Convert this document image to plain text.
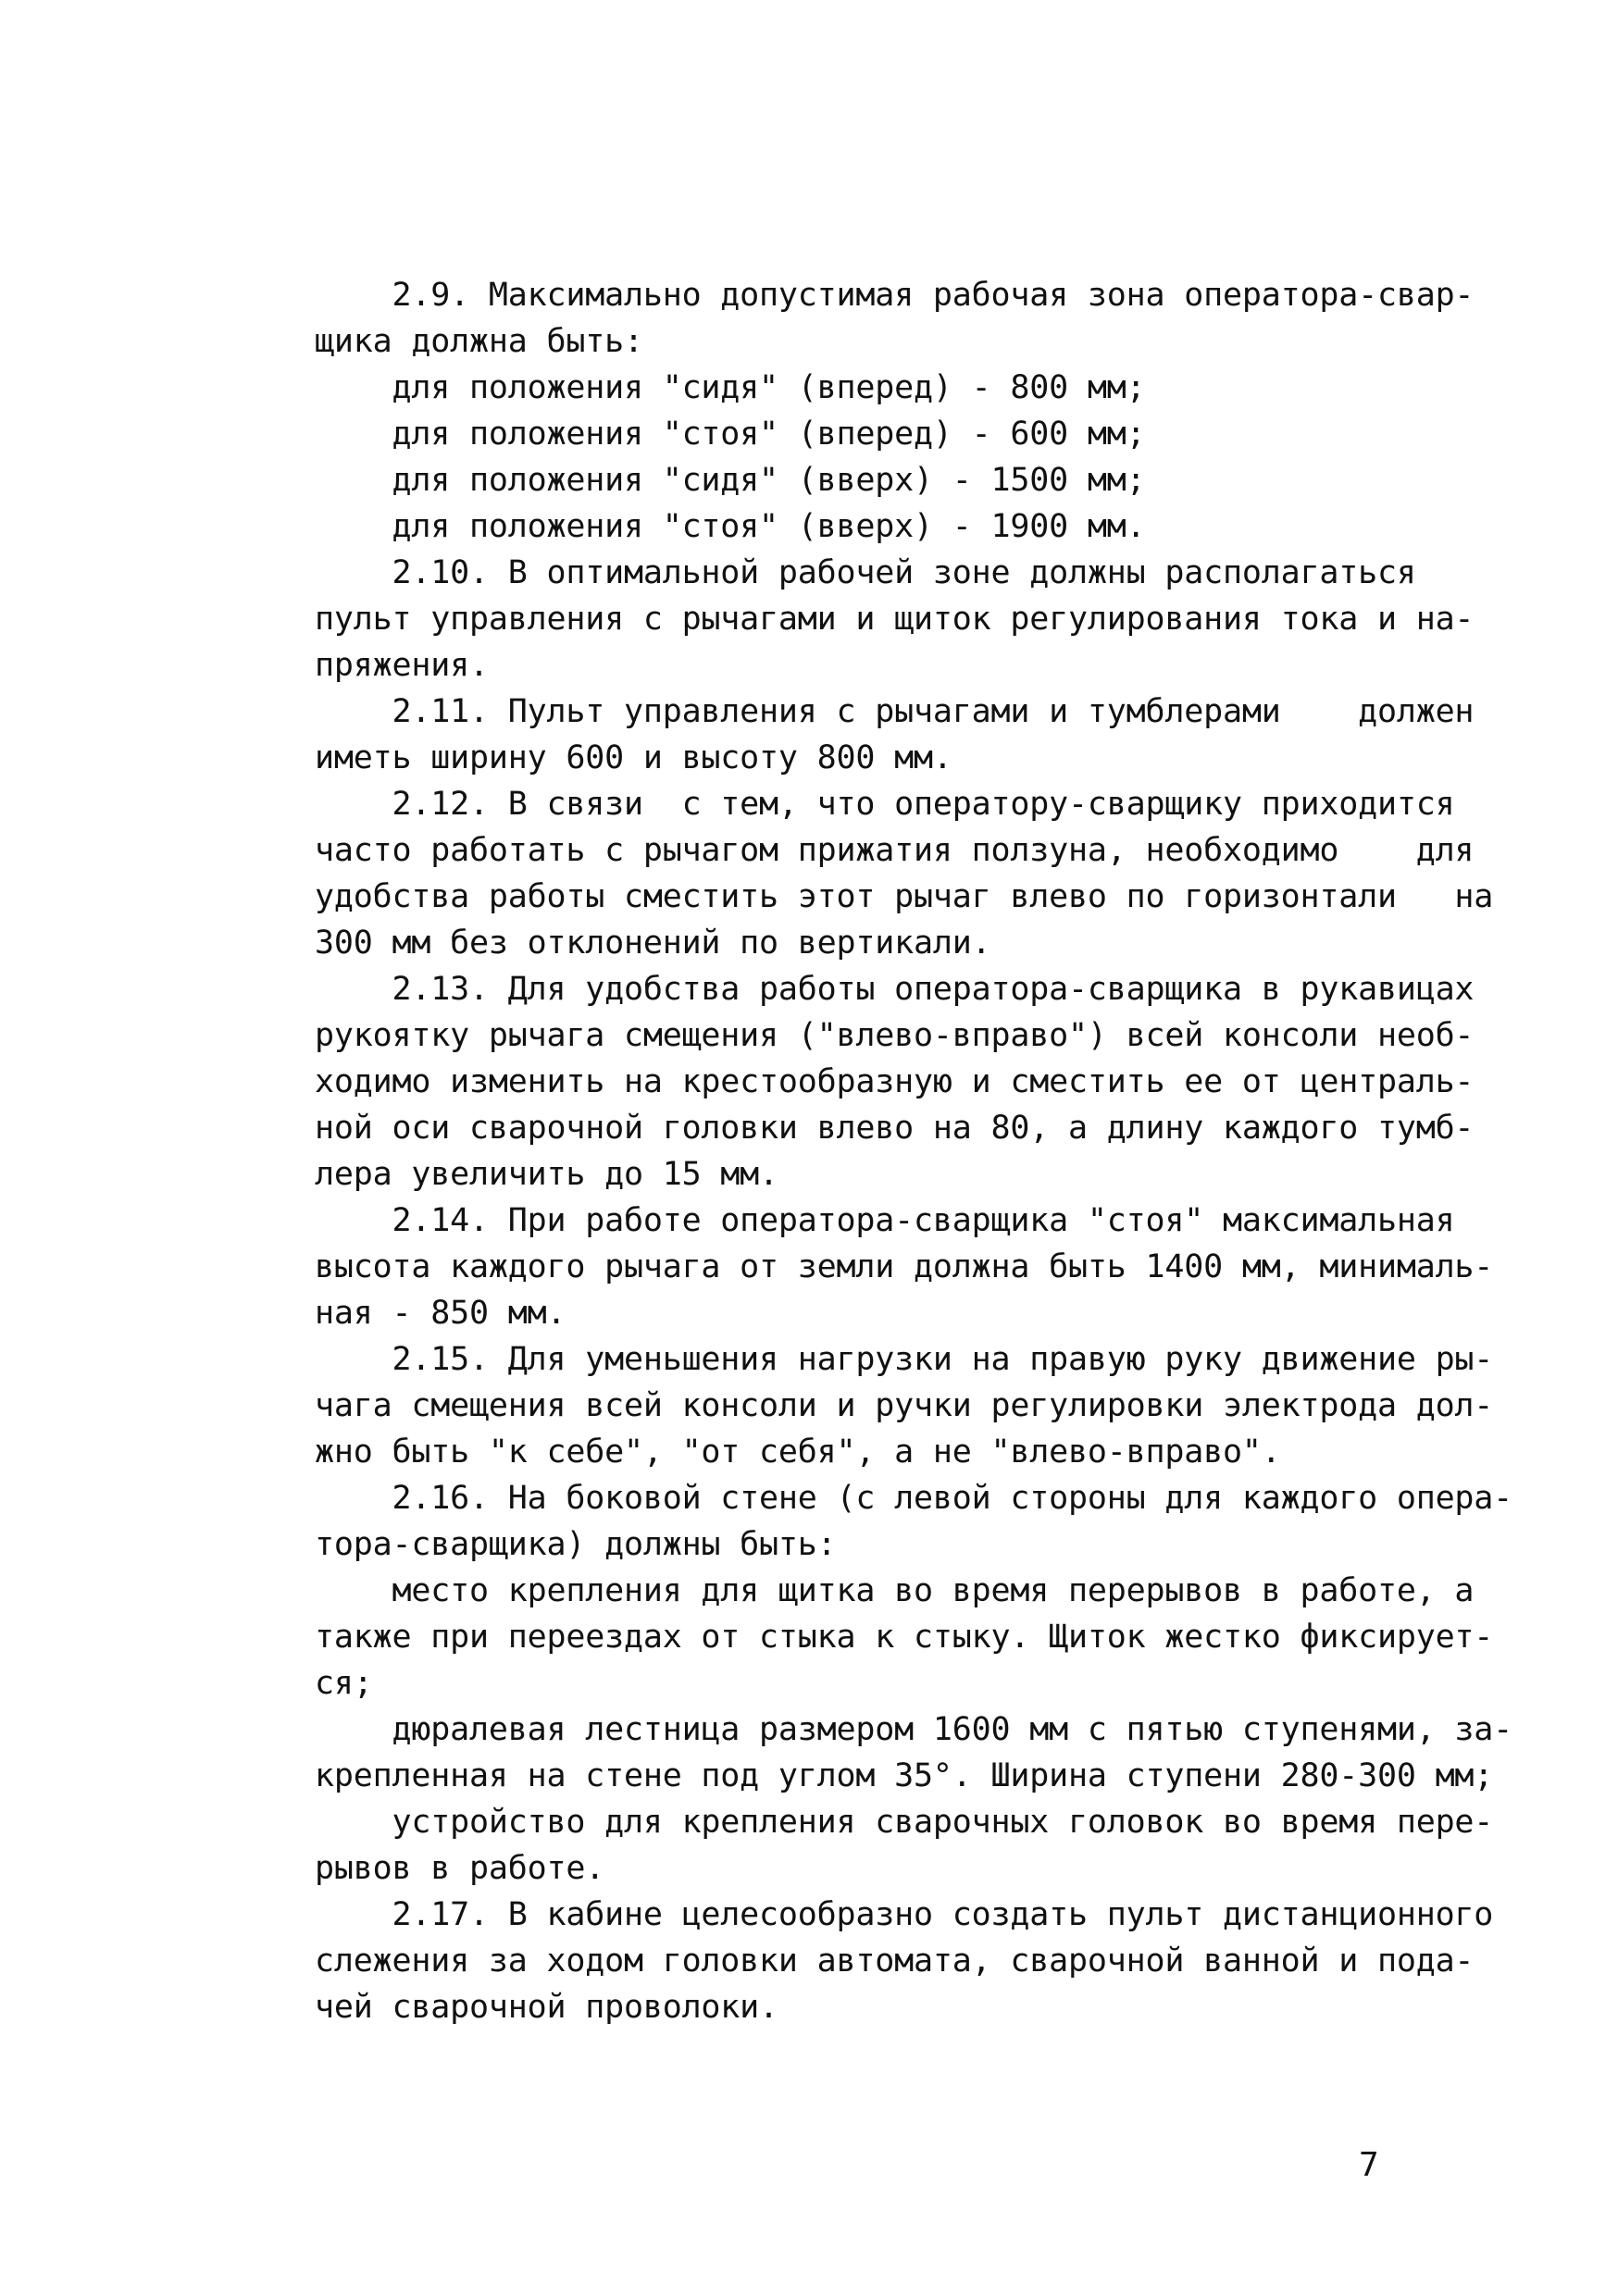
2.9. Максимально допустимая рабочая зона оператора-свар-
щика должна быть:
для положения "сидя" (вперед) - 800 мм;
для положения "стоя" (вперед) - 600 мм;
для положения "сидя" (вверх) - 1500 мм;
для положения "стоя" (вверх) - 1900 мм.
2.10. В оптимальной рабочей зоне должны располагаться
пульт управления с рычагами и щиток регулирования тока и на-
пряжения.
2.11. Пульт управления с рычагами и тумблерами    должен
иметь ширину 600 и высоту 800 мм.
2.12. В связи  с тем, что оператору-сварщику приходится
часто работать с рычагом прижатия ползуна, необходимо    для
удобства работы сместить этот рычаг влево по горизонтали   на
300 мм без отклонений по вертикали.
2.13. Для удобства работы оператора-сварщика в рукавицах
рукоятку рычага смещения ("влево-вправо") всей консоли необ-
ходимо изменить на крестообразную и сместить ее от централь-
ной оси сварочной головки влево на 80, а длину каждого тумб-
лера увеличить до 15 мм.
2.14. При работе оператора-сварщика "стоя" максимальная
высота каждого рычага от земли должна быть 1400 мм, минималь-
ная - 850 мм.
2.15. Для уменьшения нагрузки на правую руку движение ры-
чага смещения всей консоли и ручки регулировки электрода дол-
жно быть "к себе", "от себя", а не "влево-вправо".
2.16. На боковой стене (с левой стороны для каждого опера-
тора-сварщика) должны быть:
место крепления для щитка во время перерывов в работе, а
также при переездах от стыка к стыку. Щиток жестко фиксирует-
ся;
дюралевая лестница размером 1600 мм с пятью ступенями, за-
крепленная на стене под углом 35°. Ширина ступени 280-300 мм;
устройство для крепления сварочных головок во время пере-
рывов в работе.
2.17. В кабине целесообразно создать пульт дистанционного
слежения за ходом головки автомата, сварочной ванной и пода-
чей сварочной проволоки.
7
